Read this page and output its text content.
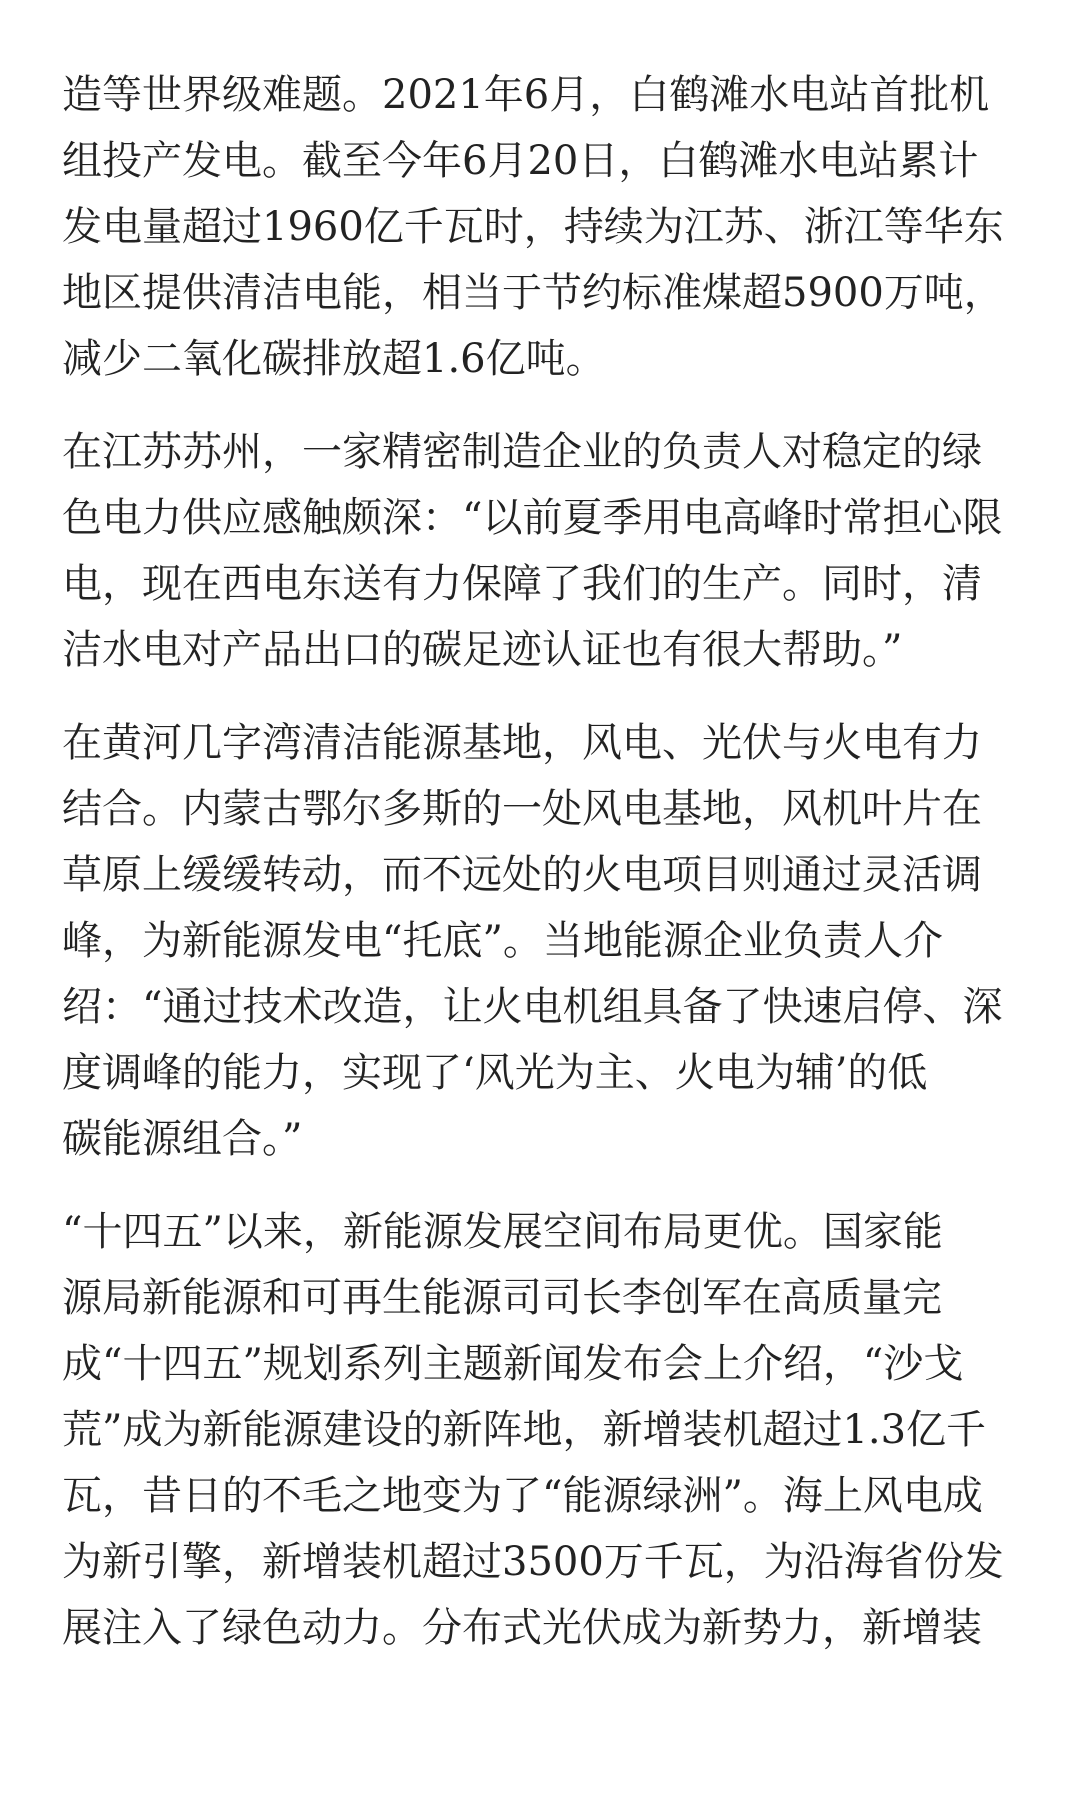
造等世界级难题。2021年6月，白鹤滩水电站首批机
组投产发电。截至今年6月20日，白鹤滩水电站累计
发电量超过1960亿千瓦时，持续为江苏、浙江等华东
地区提供清洁电能，相当于节约标准煤超5900万吨，
减少二氧化碳排放超1.6亿吨。
在江苏苏州，一家精密制造企业的负责人对稳定的绿
色电力供应感触颇深：“以前夏季用电高峰时常担心限
电，现在西电东送有力保障了我们的生产。同时，清
洁水电对产品出口的碳足迹认证也有很大帮助。”
在黄河几字湾清洁能源基地，风电、光伏与火电有力
结合。内蒙古鄂尔多斯的一处风电基地，风机叶片在
草原上缓缓转动，而不远处的火电项目则通过灵活调
峰，为新能源发电“托底”。当地能源企业负责人介
绍：“通过技术改造，让火电机组具备了快速启停、深
度调峰的能力，实现了‘风光为主、火电为辅’的低
碳能源组合。”
“十四五”以来，新能源发展空间布局更优。国家能
源局新能源和可再生能源司司长李创军在高质量完
成“十四五”规划系列主题新闻发布会上介绍，“沙戈
荒”成为新能源建设的新阵地，新增装机超过1.3亿千
瓦，昔日的不毛之地变为了“能源绿洲”。海上风电成
为新引擎，新增装机超过3500万千瓦，为沿海省份发
展注入了绿色动力。分布式光伏成为新势力，新增装
